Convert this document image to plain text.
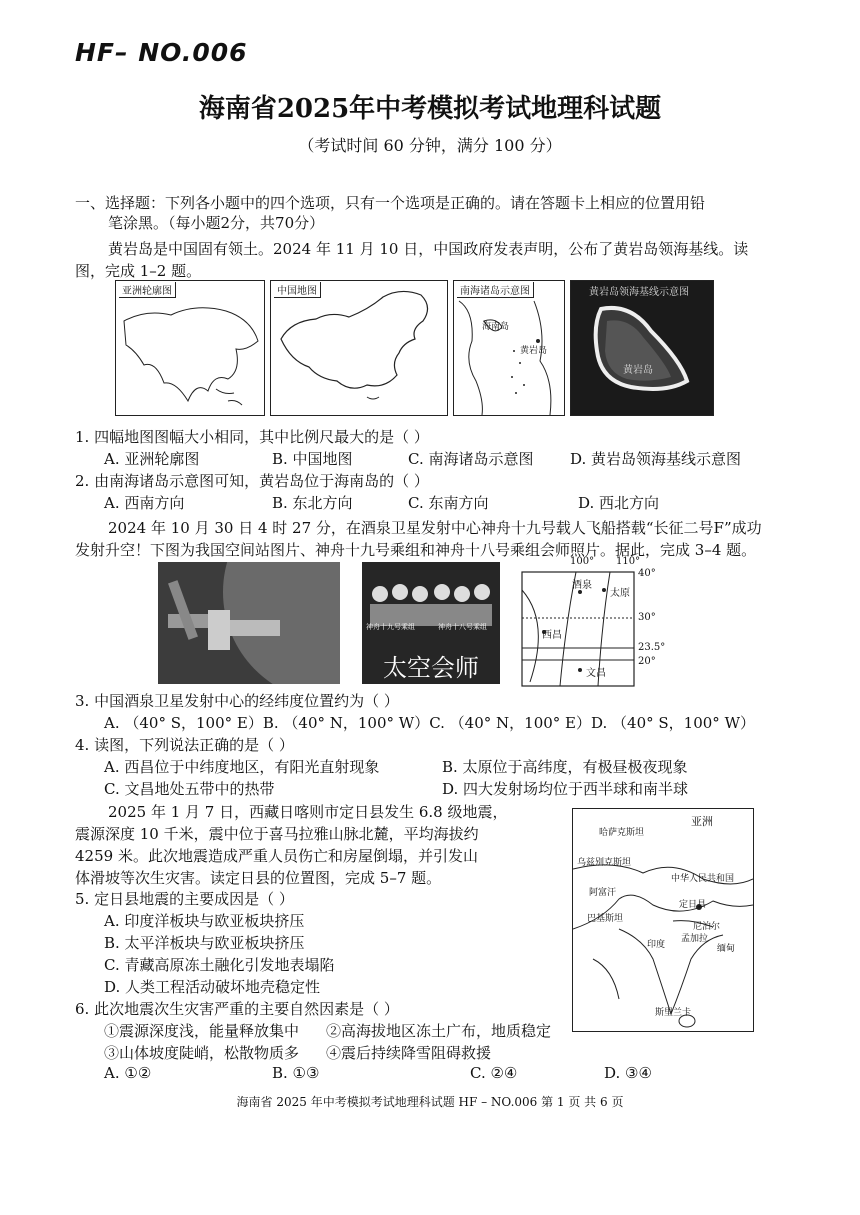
HF– NO.006
海南省2025年中考模拟考试地理科试题
（考试时间 60 分钟，满分 100 分）
一、选择题：下列各小题中的四个选项，只有一个选项是正确的。请在答题卡上相应的位置用铅
笔涂黑。（每小题2分，共70分）
黄岩岛是中国固有领土。2024 年 11 月 10 日，中国政府发表声明，公布了黄岩岛领海基线。读
图，完成 1–2 题。
亚洲轮廓图	中国地图	南海诸岛示意图
海南岛
黄岩岛
黄岩岛领海基线示意图
黄岩岛
1. 四幅地图图幅大小相同，其中比例尺最大的是（ ）
A. 亚洲轮廓图	B. 中国地图	C. 南海诸岛示意图 D. 黄岩岛领海基线示意图
2. 由南海诸岛示意图可知，黄岩岛位于海南岛的（ ）
A. 西南方向	B. 东北方向	C. 东南方向	D. 西北方向
2024 年 10 月 30 日 4 时 27 分，在酒泉卫星发射中心神舟十九号载人飞船搭载“长征二号F”成功
发射升空！下图为我国空间站图片、神舟十九号乘组和神舟十八号乘组会师照片。据此，完成 3–4 题。
神舟十九号乘组	神舟十八号乘组
太空会师
100° 110°
40°
30°
23.5°
20°
酒泉
太原
西昌
文昌
3. 中国酒泉卫星发射中心的经纬度位置约为（ ）
A. （40° S，100° E）B. （40° N，100° W）C. （40° N，100° E）D. （40° S，100° W）
4. 读图，下列说法正确的是（ ）
A. 西昌位于中纬度地区，有阳光直射现象	B. 太原位于高纬度，有极昼极夜现象
C. 文昌地处五带中的热带	D. 四大发射场均位于西半球和南半球
2025 年 1 月 7 日，西藏日喀则市定日县发生 6.8 级地震，
震源深度 10 千米，震中位于喜马拉雅山脉北麓，平均海拔约
4259 米。此次地震造成严重人员伤亡和房屋倒塌，并引发山
体滑坡等次生灾害。读定日县的位置图，完成 5–7 题。
哈萨克斯坦
亚洲
乌兹别克斯坦
阿富汗
中华人民共和国
巴基斯坦
定日县
印度
尼泊尔
孟加拉
缅甸
斯里兰卡
5. 定日县地震的主要成因是（ ）
A. 印度洋板块与欧亚板块挤压
B. 太平洋板块与欧亚板块挤压
C. 青藏高原冻土融化引发地表塌陷
D. 人类工程活动破坏地壳稳定性
6. 此次地震次生灾害严重的主要自然因素是（ ）
①震源深度浅，能量释放集中 ②高海拔地区冻土广布，地质稳定
③山体坡度陡峭，松散物质多 ④震后持续降雪阻碍救援
A. ①②	B. ①③	C. ②④	D. ③④
海南省 2025 年中考模拟考试地理科试题 HF – NO.006 第 1 页 共 6 页
